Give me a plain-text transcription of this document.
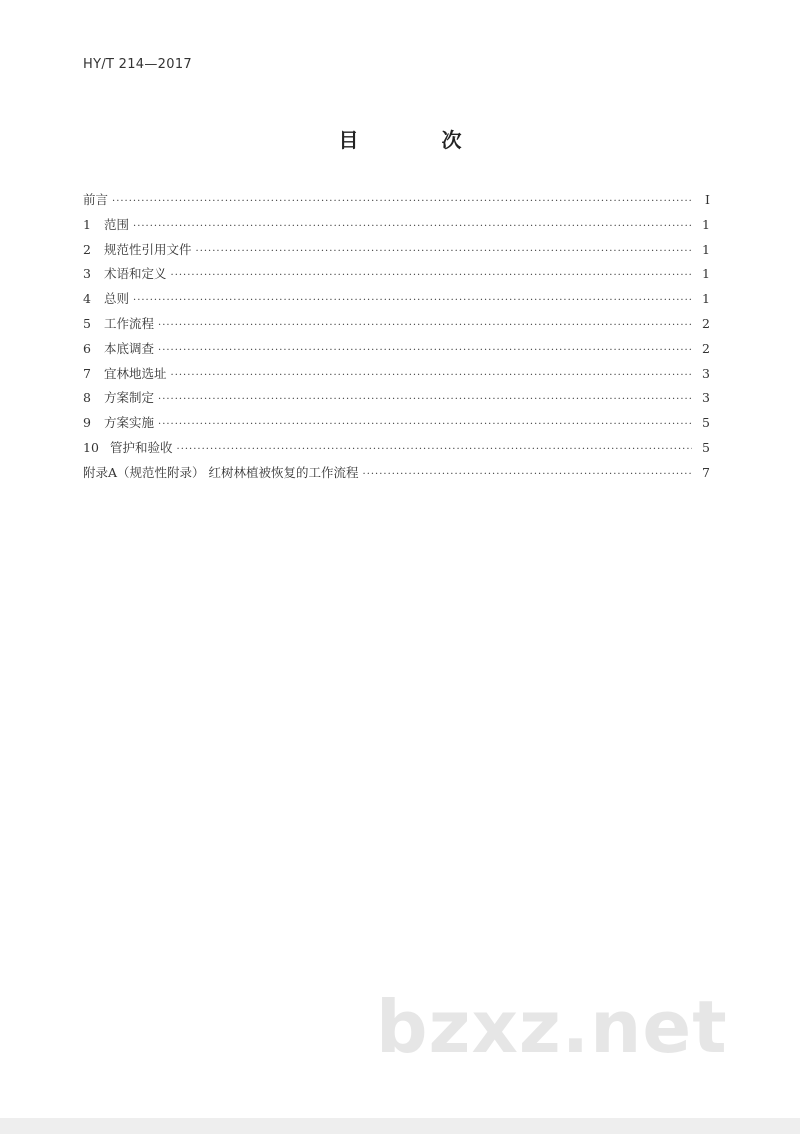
HY/T 214—2017
目 次
前言 ·····	I
1	范围 ·····	1
2	规范性引用文件 ·····	1
3	术语和定义 ·····	1
4	总则 ·····	1
5	工作流程 ·····	2
6	本底调查 ·····	2
7	宜林地选址 ·····	3
8	方案制定 ·····	3
9	方案实施 ·····	5
10 管护和验收 ·····	5
附录A（规范性附录） 红树林植被恢复的工作流程 ·····	7
bzxz.net
